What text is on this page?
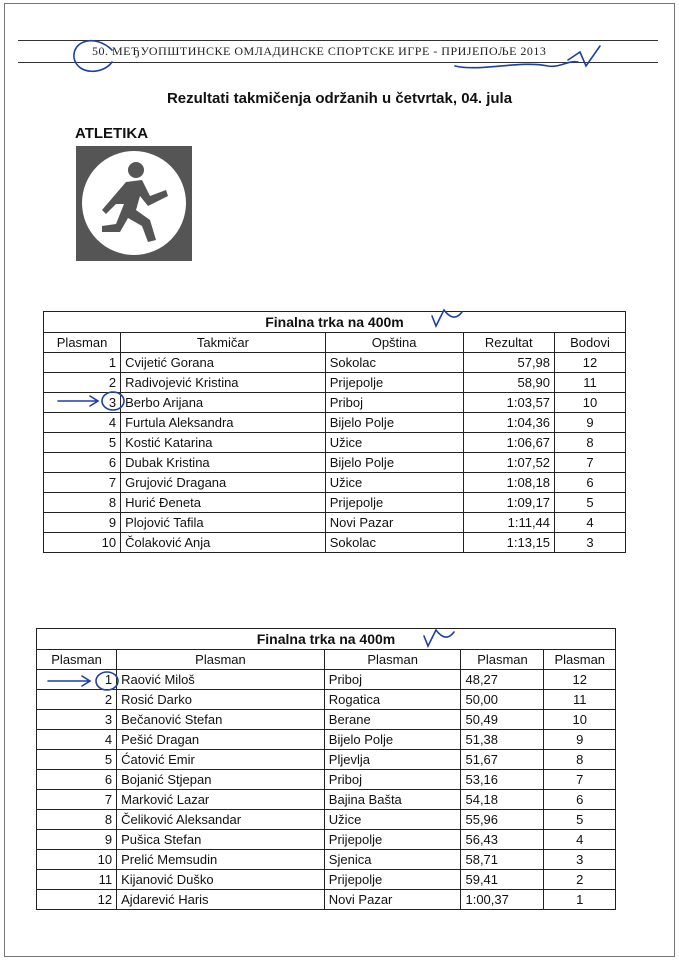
50. МЕЂУОПШТИНСКЕ ОМЛАДИНСКЕ СПОРТСКЕ ИГРЕ - ПРИЈЕПОЉЕ 2013
Rezultati takmičenja održanih u četvrtak, 04. jula
ATLETIKA
Finalna trka na 400m				
Plasman	Takmičar	Opština	Rezultat	Bodovi
1	Cvijetić Gorana	Sokolac	57,98	12
2	Radivojević Kristina	Prijepolje	58,90	11
3	Berbo Arijana	Priboj	1:03,57	10
4	Furtula Aleksandra	Bijelo Polje	1:04,36	9
5	Kostić Katarina	Užice	1:06,67	8
6	Dubak Kristina	Bijelo Polje	1:07,52	7
7	Grujović Dragana	Užice	1:08,18	6
8	Hurić Đeneta	Prijepolje	1:09,17	5
9	Plojović Tafila	Novi Pazar	1:11,44	4
10	Čolaković Anja	Sokolac	1:13,15	3
Finalna trka na 400m				
Plasman	Plasman	Plasman	Plasman	Plasman
1	Raović Miloš	Priboj	48,27	12
2	Rosić Darko	Rogatica	50,00	11
3	Bečanović Stefan	Berane	50,49	10
4	Pešić Dragan	Bijelo Polje	51,38	9
5	Ćatović Emir	Pljevlja	51,67	8
6	Bojanić Stjepan	Priboj	53,16	7
7	Marković Lazar	Bajina Bašta	54,18	6
8	Čeliković Aleksandar	Užice	55,96	5
9	Pušica Stefan	Prijepolje	56,43	4
10	Prelić Memsudin	Sjenica	58,71	3
11	Kijanović Duško	Prijepolje	59,41	2
12	Ajdarević Haris	Novi Pazar	1:00,37	1
